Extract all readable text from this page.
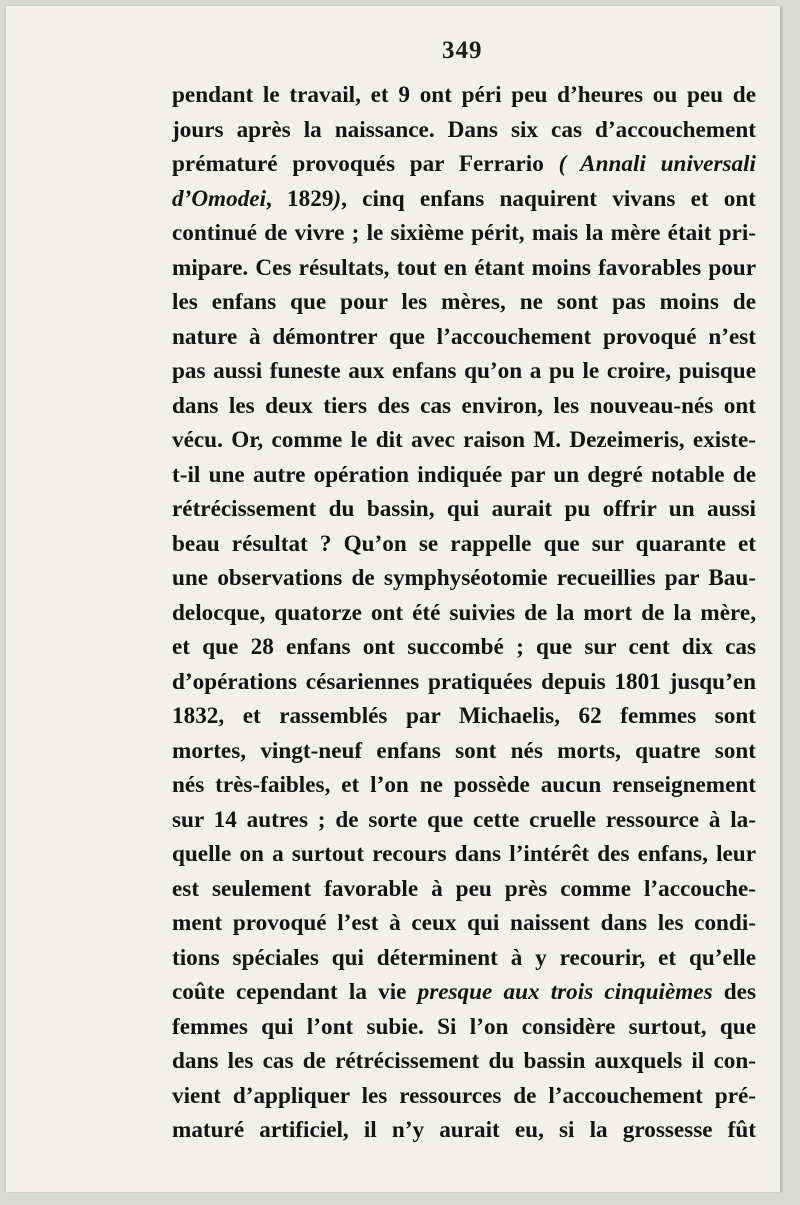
349
pendant le travail, et 9 ont péri peu d’heures ou peu de
jours après la naissance. Dans six cas d’accouchement
prématuré provoqués par Ferrario ( Annali universali
d’Omodei, 1829), cinq enfans naquirent vivans et ont
continué de vivre ; le sixième périt, mais la mère était pri-
mipare. Ces résultats, tout en étant moins favorables pour
les enfans que pour les mères, ne sont pas moins de
nature à démontrer que l’accouchement provoqué n’est
pas aussi funeste aux enfans qu’on a pu le croire, puisque
dans les deux tiers des cas environ, les nouveau-nés ont
vécu. Or, comme le dit avec raison M. Dezeimeris, existe-
t-il une autre opération indiquée par un degré notable de
rétrécissement du bassin, qui aurait pu offrir un aussi
beau résultat ? Qu’on se rappelle que sur quarante et
une observations de symphyséotomie recueillies par Bau-
delocque, quatorze ont été suivies de la mort de la mère,
et que 28 enfans ont succombé ; que sur cent dix cas
d’opérations césariennes pratiquées depuis 1801 jusqu’en
1832, et rassemblés par Michaelis, 62 femmes sont
mortes, vingt-neuf enfans sont nés morts, quatre sont
nés très-faibles, et l’on ne possède aucun renseignement
sur 14 autres ; de sorte que cette cruelle ressource à la-
quelle on a surtout recours dans l’intérêt des enfans, leur
est seulement favorable à peu près comme l’accouche-
ment provoqué l’est à ceux qui naissent dans les condi-
tions spéciales qui déterminent à y recourir, et qu’elle
coûte cependant la vie presque aux trois cinquièmes des
femmes qui l’ont subie. Si l’on considère surtout, que
dans les cas de rétrécissement du bassin auxquels il con-
vient d’appliquer les ressources de l’accouchement pré-
maturé artificiel, il n’y aurait eu, si la grossesse fût
